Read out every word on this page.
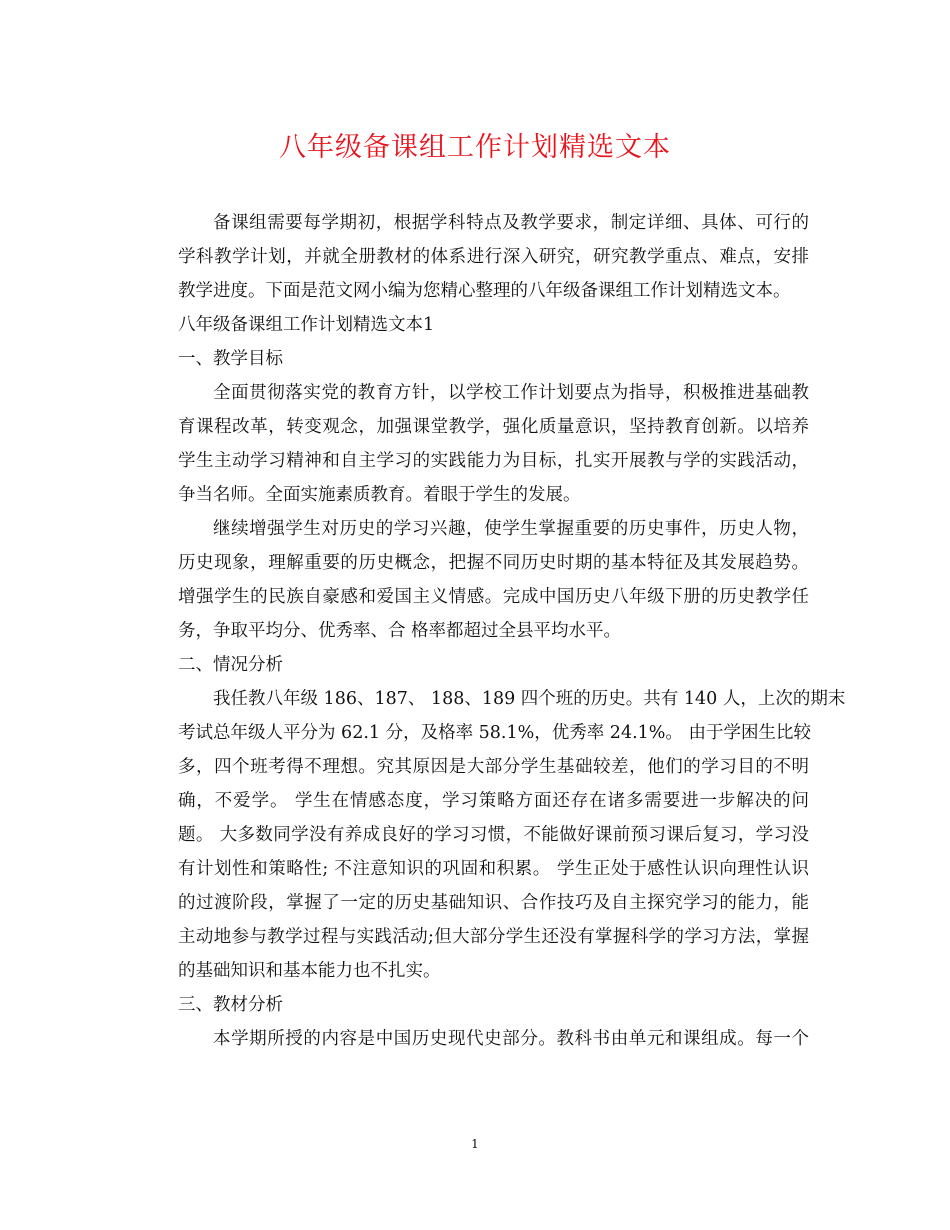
八年级备课组工作计划精选文本

备课组需要每学期初，根据学科特点及教学要求，制定详细、具体、可行的
学科教学计划，并就全册教材的体系进行深入研究，研究教学重点、难点，安排
教学进度。下面是范文网小编为您精心整理的八年级备课组工作计划精选文本。

八年级备课组工作计划精选文本1

一、教学目标

全面贯彻落实党的教育方针，以学校工作计划要点为指导，积极推进基础教
育课程改革，转变观念，加强课堂教学，强化质量意识，坚持教育创新。以培养
学生主动学习精神和自主学习的实践能力为目标，扎实开展教与学的实践活动，
争当名师。全面实施素质教育。着眼于学生的发展。

继续增强学生对历史的学习兴趣，使学生掌握重要的历史事件，历史人物，
历史现象，理解重要的历史概念，把握不同历史时期的基本特征及其发展趋势。
增强学生的民族自豪感和爱国主义情感。完成中国历史八年级下册的历史教学任
务，争取平均分、优秀率、合 格率都超过全县平均水平。

二、情况分析

我任教八年级 186、187、 188、189 四个班的历史。共有 140 人，上次的期末
考试总年级人平分为 62.1 分，及格率 58.1%，优秀率 24.1%。 由于学困生比较
多，四个班考得不理想。究其原因是大部分学生基础较差，他们的学习目的不明
确，不爱学。 学生在情感态度，学习策略方面还存在诸多需要进一步解决的问
题。 大多数同学没有养成良好的学习习惯，不能做好课前预习课后复习，学习没
有计划性和策略性; 不注意知识的巩固和积累。 学生正处于感性认识向理性认识
的过渡阶段，掌握了一定的历史基础知识、合作技巧及自主探究学习的能力，能
主动地参与教学过程与实践活动;但大部分学生还没有掌握科学的学习方法，掌握
的基础知识和基本能力也不扎实。

三、教材分析

本学期所授的内容是中国历史现代史部分。教科书由单元和课组成。每一个

1
